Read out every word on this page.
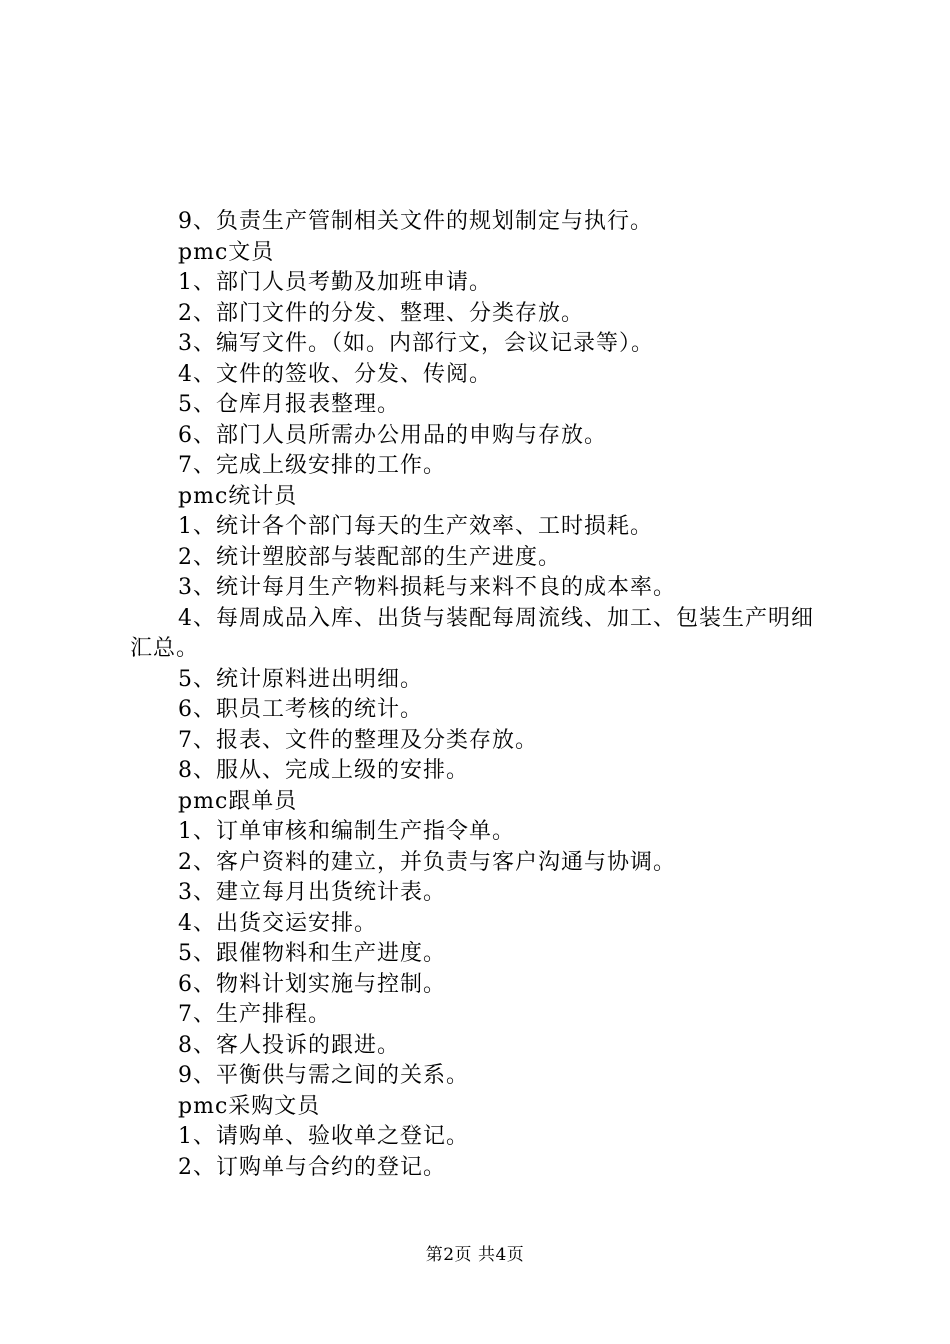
9、负责生产管制相关文件的规划制定与执行。
pmc文员
1、部门人员考勤及加班申请。
2、部门文件的分发、整理、分类存放。
3、编写文件。（如。内部行文，会议记录等）。
4、文件的签收、分发、传阅。
5、仓库月报表整理。
6、部门人员所需办公用品的申购与存放。
7、完成上级安排的工作。
pmc统计员
1、统计各个部门每天的生产效率、工时损耗。
2、统计塑胶部与装配部的生产进度。
3、统计每月生产物料损耗与来料不良的成本率。
4、每周成品入库、出货与装配每周流线、加工、包装生产明细汇总。
5、统计原料进出明细。
6、职员工考核的统计。
7、报表、文件的整理及分类存放。
8、服从、完成上级的安排。
pmc跟单员
1、订单审核和编制生产指令单。
2、客户资料的建立，并负责与客户沟通与协调。
3、建立每月出货统计表。
4、出货交运安排。
5、跟催物料和生产进度。
6、物料计划实施与控制。
7、生产排程。
8、客人投诉的跟进。
9、平衡供与需之间的关系。
pmc采购文员
1、请购单、验收单之登记。
2、订购单与合约的登记。
第2页 共4页
